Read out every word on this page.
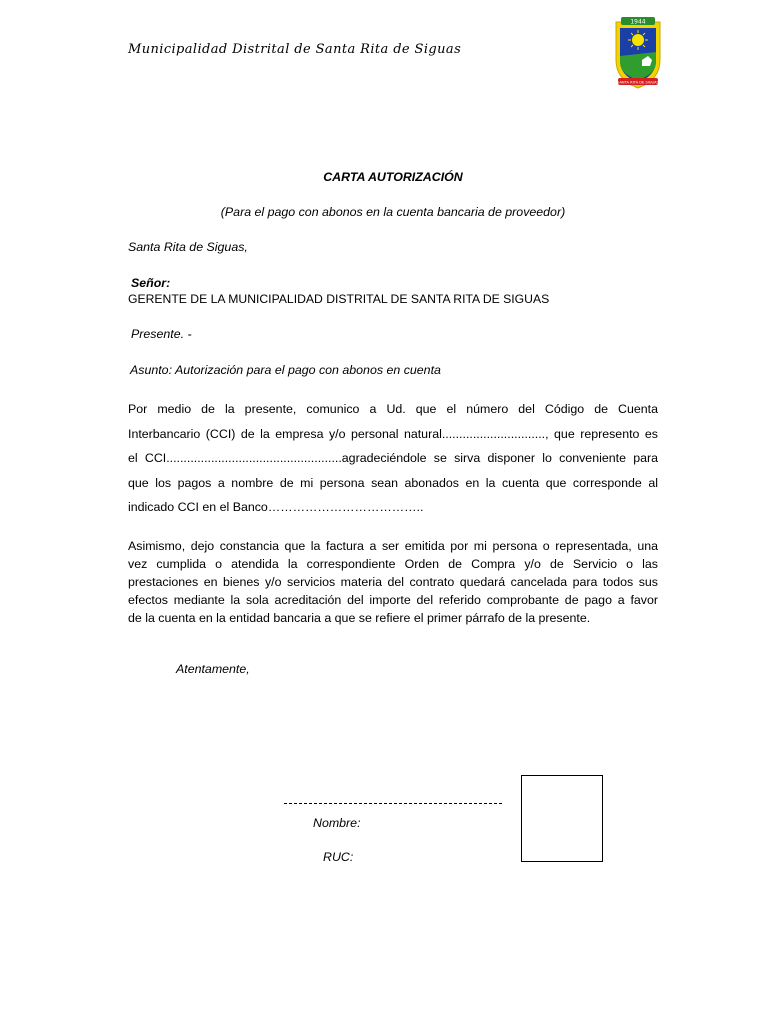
Municipalidad Distrital de Santa Rita de Siguas
1944
SANTA RITA DE SIGUAS
CARTA AUTORIZACIÓN
(Para el pago con abonos en la cuenta bancaria de proveedor)
Santa Rita de Siguas,
Señor:
GERENTE DE LA MUNICIPALIDAD DISTRITAL DE SANTA RITA DE SIGUAS
Presente. -
Asunto: Autorización para el pago con abonos en cuenta
Por medio de la presente, comunico a Ud. que el número del Código de Cuenta
Interbancario (CCI) de la empresa y/o personal natural.............................., que represento es
el CCI...................................................agradeciéndole se sirva disponer lo conveniente para
que los pagos a nombre de mi persona sean abonados en la cuenta que corresponde al
indicado CCI en el Banco………………………………..
Asimismo, dejo constancia que la factura a ser emitida por mi persona o representada, una
vez cumplida o atendida la correspondiente Orden de Compra y/o de Servicio o las
prestaciones en bienes y/o servicios materia del contrato quedará cancelada para todos sus
efectos mediante la sola acreditación del importe del referido comprobante de pago a favor
de la cuenta en la entidad bancaria a que se refiere el primer párrafo de la presente.
Atentamente,
Nombre:
RUC:
